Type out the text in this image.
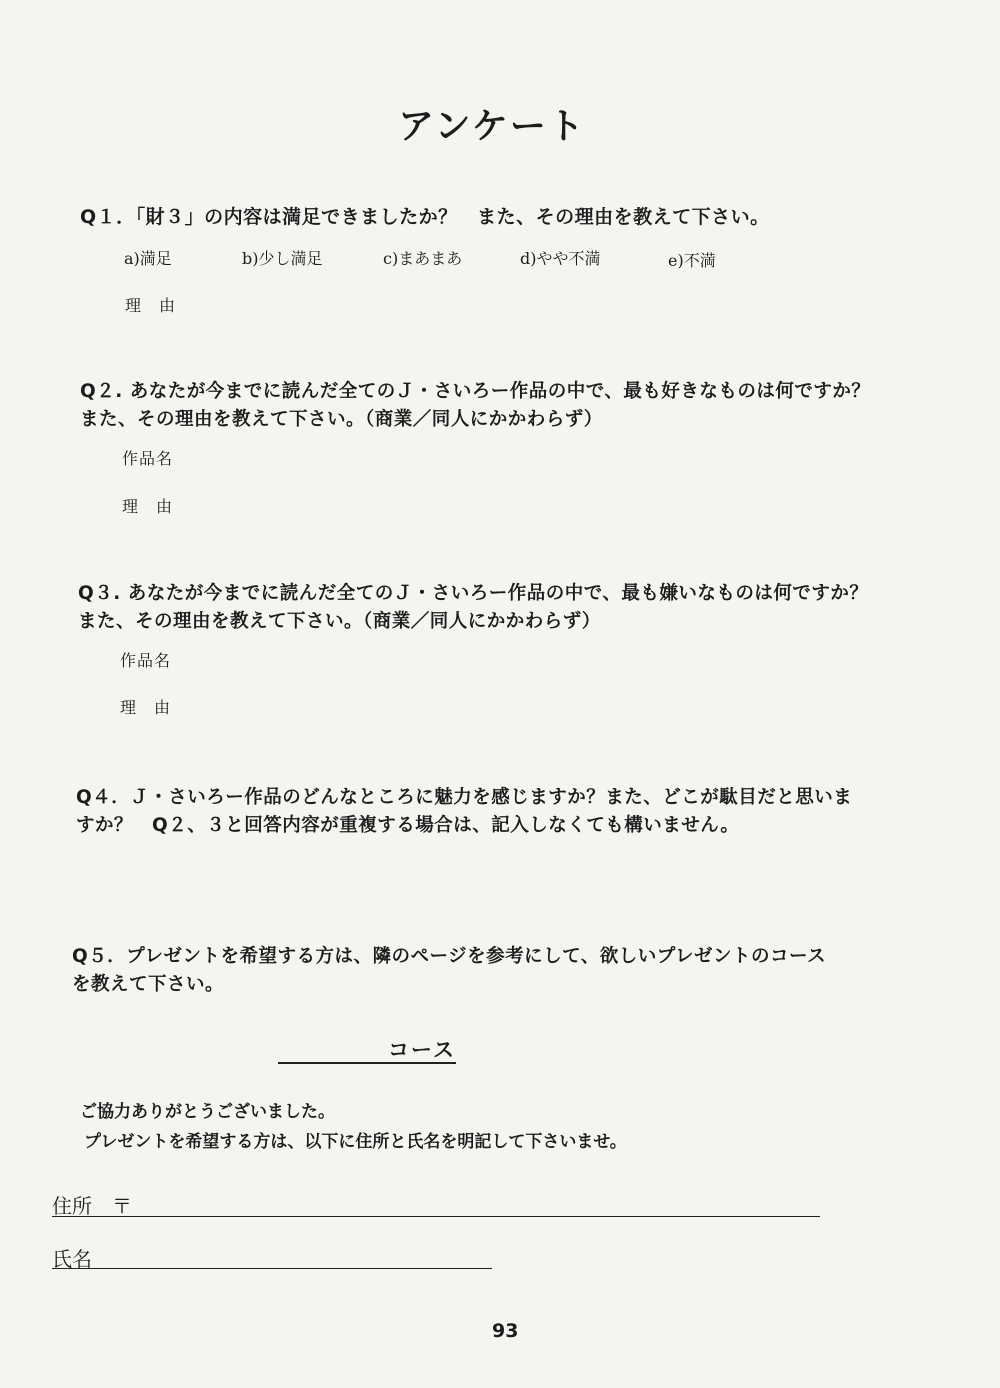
アンケート
Q１．「財３」の内容は満足できましたか？　また、その理由を教えて下さい。
a)満足	b)少し満足	c)まあまあ	d)やや不満	e)不満
理　由
Q２. あなたが今までに読んだ全てのＪ・さいろー作品の中で、最も好きなものは何ですか？
また、その理由を教えて下さい。（商業／同人にかかわらず）
作品名
理　由
Q３. あなたが今までに読んだ全てのＪ・さいろー作品の中で、最も嫌いなものは何ですか？
また、その理由を教えて下さい。（商業／同人にかかわらず）
作品名
理　由
Q４．Ｊ・さいろー作品のどんなところに魅力を感じますか？また、どこが駄目だと思いま
すか？　Q２、３と回答内容が重複する場合は、記入しなくても構いません。
Q５．プレゼントを希望する方は、隣のページを参考にして、欲しいプレゼントのコース
を教えて下さい。
コース
ご協力ありがとうございました。
プレゼントを希望する方は、以下に住所と氏名を明記して下さいませ。
住所　〒
氏名
93
